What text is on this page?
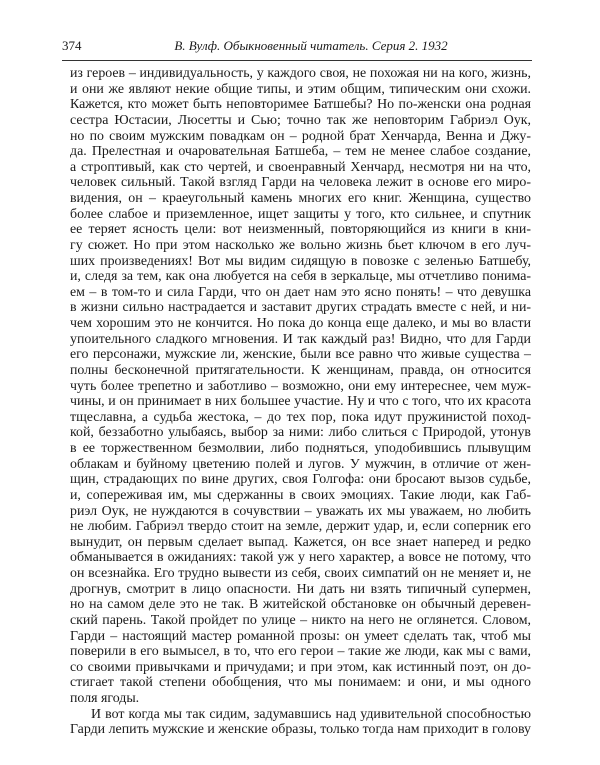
374	В. Вулф. Обыкновенный читатель. Серия 2. 1932
из героев – индивидуальность, у каждого своя, не похожая ни на кого, жизнь,
и они же являют некие общие типы, и этим общим, типическим они схожи.
Кажется, кто может быть неповторимее Батшебы? Но по-женски она родная
сестра Юстасии, Люсетты и Сью; точно так же неповторим Габриэл Оук,
но по своим мужским повадкам он – родной брат Хенчарда, Венна и Джу-
да. Прелестная и очаровательная Батшеба, – тем не менее слабое создание,
а строптивый, как сто чертей, и своенравный Хенчард, несмотря ни на что,
человек сильный. Такой взгляд Гарди на человека лежит в основе его миро-
видения, он – краеугольный камень многих его книг. Женщина, существо
более слабое и приземленное, ищет защиты у того, кто сильнее, и спутник
ее теряет ясность цели: вот неизменный, повторяющийся из книги в кни-
гу сюжет. Но при этом насколько же вольно жизнь бьет ключом в его луч-
ших произведениях! Вот мы видим сидящую в повозке с зеленью Батшебу,
и, следя за тем, как она любуется на себя в зеркальце, мы отчетливо понима-
ем – в том-то и сила Гарди, что он дает нам это ясно понять! – что девушка
в жизни сильно настрадается и заставит других страдать вместе с ней, и ни-
чем хорошим это не кончится. Но пока до конца еще далеко, и мы во власти
упоительного сладкого мгновения. И так каждый раз! Видно, что для Гарди
его персонажи, мужские ли, женские, были все равно что живые существа –
полны бесконечной притягательности. К женщинам, правда, он относится
чуть более трепетно и заботливо – возможно, они ему интереснее, чем муж-
чины, и он принимает в них большее участие. Ну и что с того, что их красота
тщеславна, а судьба жестока, – до тех пор, пока идут пружинистой поход-
кой, беззаботно улыбаясь, выбор за ними: либо слиться с Природой, утонув
в ее торжественном безмолвии, либо подняться, уподобившись плывущим
облакам и буйному цветению полей и лугов. У мужчин, в отличие от жен-
щин, страдающих по вине других, своя Голгофа: они бросают вызов судьбе,
и, сопереживая им, мы сдержанны в своих эмоциях. Такие люди, как Габ-
риэл Оук, не нуждаются в сочувствии – уважать их мы уважаем, но любить
не любим. Габриэл твердо стоит на земле, держит удар, и, если соперник его
вынудит, он первым сделает выпад. Кажется, он все знает наперед и редко
обманывается в ожиданиях: такой уж у него характер, а вовсе не потому, что
он всезнайка. Его трудно вывести из себя, своих симпатий он не меняет и, не
дрогнув, смотрит в лицо опасности. Ни дать ни взять типичный супермен,
но на самом деле это не так. В житейской обстановке он обычный деревен-
ский парень. Такой пройдет по улице – никто на него не оглянется. Словом,
Гарди – настоящий мастер романной прозы: он умеет сделать так, чтоб мы
поверили в его вымысел, в то, что его герои – такие же люди, как мы с вами,
со своими привычками и причудами; и при этом, как истинный поэт, он до-
стигает такой степени обобщения, что мы понимаем: и они, и мы одного
поля ягоды.
И вот когда мы так сидим, задумавшись над удивительной способностью
Гарди лепить мужские и женские образы, только тогда нам приходит в голову
